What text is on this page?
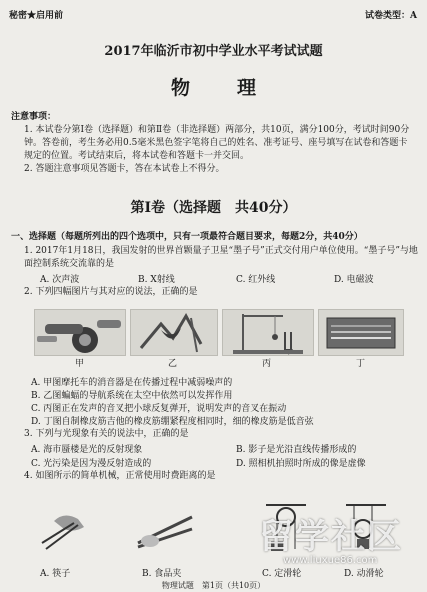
秘密★启用前	试卷类型：A
2017年临沂市初中学业水平考试试题
物　理
注意事项：
1. 本试卷分第Ⅰ卷（选择题）和第Ⅱ卷（非选择题）两部分，共10页，满分100分，考试时间90分钟。答卷前，考生务必用0.5毫米黑色签字笔将自己的姓名、准考证号、座号填写在试卷和答题卡规定的位置。考试结束后，将本试卷和答题卡一并交回。
2. 答题注意事项见答题卡，答在本试卷上不得分。
第Ⅰ卷（选择题　共40分）
一、选择题（每题所列出的四个选项中，只有一项最符合题目要求，每题2分，共40分）
1. 2017年1月18日，我国发射的世界首颗量子卫星“墨子号”正式交付用户单位使用。“墨子号”与地面控制系统交流靠的是
A. 次声波	B. X射线	C. 红外线	D. 电磁波
2. 下列四幅图片与其对应的说法，正确的是
甲	乙	丙	丁
A. 甲图摩托车的消音器是在传播过程中减弱噪声的
B. 乙图蝙蝠的导航系统在太空中依然可以发挥作用
C. 丙图正在发声的音叉把小球反复弹开，说明发声的音叉在振动
D. 丁图自制橡皮筋吉他的橡皮筋绷紧程度相同时，细的橡皮筋是低音弦
3. 下列与光现象有关的说法中，正确的是
A. 海市蜃楼是光的反射现象	B. 影子是光沿直线传播形成的
C. 光污染是因为漫反射造成的	D. 照相机拍照时所成的像是虚像
4. 如图所示的简单机械，正常使用时费距离的是
A. 筷子	B. 食品夹	C. 定滑轮	D. 动滑轮
物理试题　第1页（共10页）
留学社区
www.liuxue86.com
